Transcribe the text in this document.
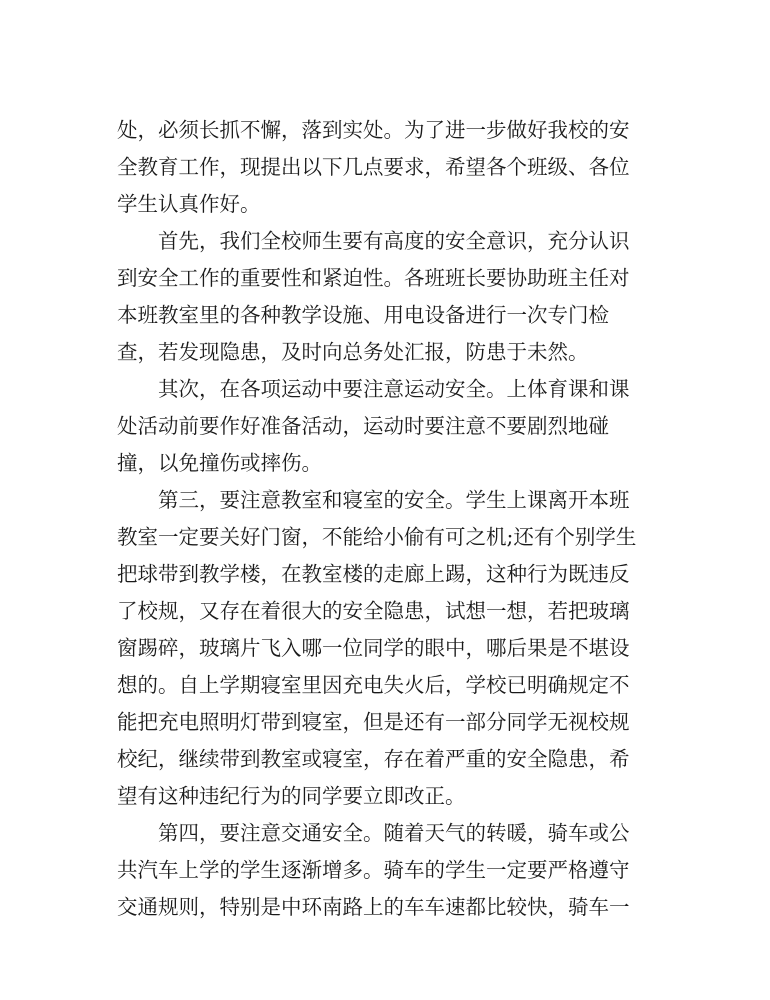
处，必须长抓不懈，落到实处。为了进一步做好我校的安
全教育工作，现提出以下几点要求，希望各个班级、各位
学生认真作好。
首先，我们全校师生要有高度的安全意识，充分认识
到安全工作的重要性和紧迫性。各班班长要协助班主任对
本班教室里的各种教学设施、用电设备进行一次专门检
查，若发现隐患，及时向总务处汇报，防患于未然。
其次，在各项运动中要注意运动安全。上体育课和课
处活动前要作好准备活动，运动时要注意不要剧烈地碰
撞，以免撞伤或摔伤。
第三，要注意教室和寝室的安全。学生上课离开本班
教室一定要关好门窗，不能给小偷有可之机;还有个别学生
把球带到教学楼，在教室楼的走廊上踢，这种行为既违反
了校规，又存在着很大的安全隐患，试想一想，若把玻璃
窗踢碎，玻璃片飞入哪一位同学的眼中，哪后果是不堪设
想的。自上学期寝室里因充电失火后，学校已明确规定不
能把充电照明灯带到寝室，但是还有一部分同学无视校规
校纪，继续带到教室或寝室，存在着严重的安全隐患，希
望有这种违纪行为的同学要立即改正。
第四，要注意交通安全。随着天气的转暖，骑车或公
共汽车上学的学生逐渐增多。骑车的学生一定要严格遵守
交通规则，特别是中环南路上的车车速都比较快，骑车一
